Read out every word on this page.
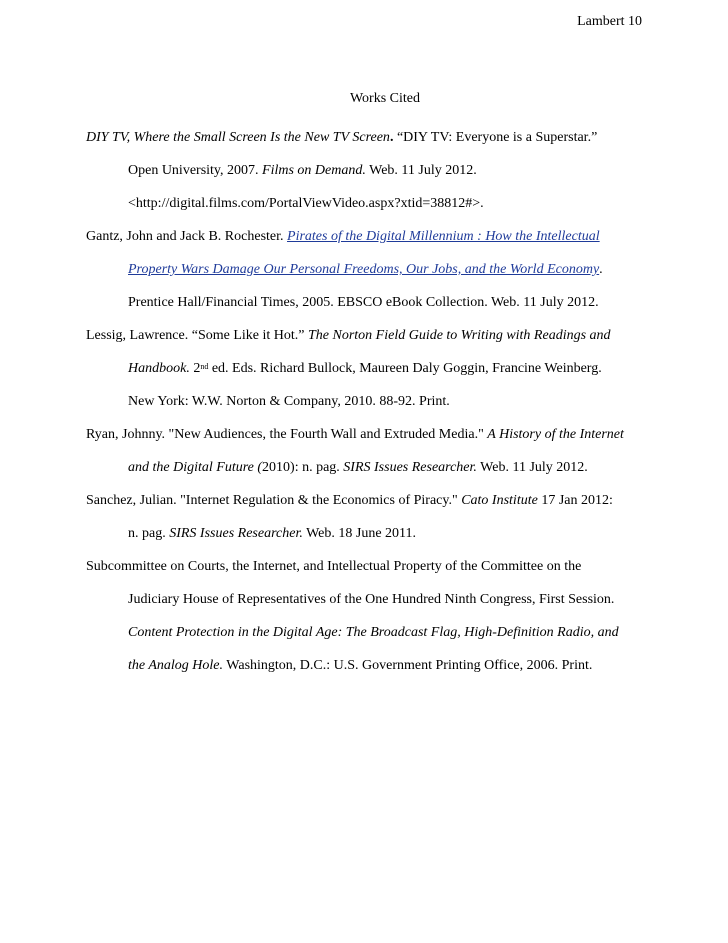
Lambert 10
Works Cited
DIY TV, Where the Small Screen Is the New TV Screen. “DIY TV: Everyone is a Superstar.”
Open University, 2007. Films on Demand. Web. 11 July 2012.
<http://digital.films.com/PortalViewVideo.aspx?xtid=38812#>.
Gantz, John and Jack B. Rochester. Pirates of the Digital Millennium : How the Intellectual
Property Wars Damage Our Personal Freedoms, Our Jobs, and the World Economy.
Prentice Hall/Financial Times, 2005. EBSCO eBook Collection. Web. 11 July 2012.
Lessig, Lawrence. “Some Like it Hot.” The Norton Field Guide to Writing with Readings and
Handbook. 2nd ed. Eds. Richard Bullock, Maureen Daly Goggin, Francine Weinberg.
New York: W.W. Norton & Company, 2010. 88-92. Print.
Ryan, Johnny. "New Audiences, the Fourth Wall and Extruded Media." A History of the Internet
and the Digital Future (2010): n. pag. SIRS Issues Researcher. Web. 11 July 2012.
Sanchez, Julian. "Internet Regulation & the Economics of Piracy." Cato Institute 17 Jan 2012:
n. pag. SIRS Issues Researcher. Web. 18 June 2011.
Subcommittee on Courts, the Internet, and Intellectual Property of the Committee on the
Judiciary House of Representatives of the One Hundred Ninth Congress, First Session.
Content Protection in the Digital Age: The Broadcast Flag, High-Definition Radio, and
the Analog Hole. Washington, D.C.: U.S. Government Printing Office, 2006. Print.
